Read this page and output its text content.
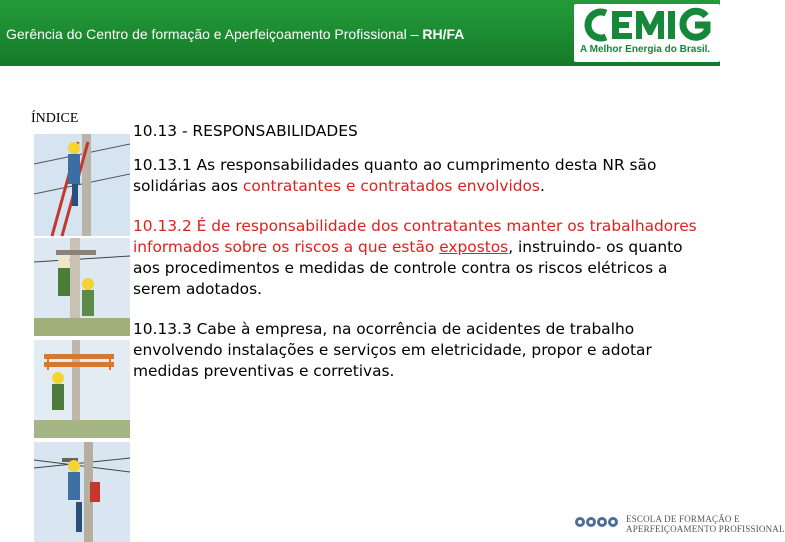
Gerência do Centro de formação e Aperfeiçoamento Profissional – RH/FA
A Melhor Energia do Brasil.
ÍNDICE

10.13 - RESPONSABILIDADES

10.13.1 As responsabilidades quanto ao cumprimento desta NR são solidárias aos contratantes e contratados envolvidos.

10.13.2 É de responsabilidade dos contratantes manter os trabalhadores informados sobre os riscos a que estão expostos, instruindo- os quanto aos procedimentos e medidas de controle contra os riscos elétricos a serem adotados.

10.13.3 Cabe à empresa, na ocorrência de acidentes de trabalho envolvendo instalações e serviços em eletricidade, propor e adotar medidas preventivas e corretivas.

ESCOLA DE FORMAÇÃO E
APERFEIÇOAMENTO PROFISSIONAL
